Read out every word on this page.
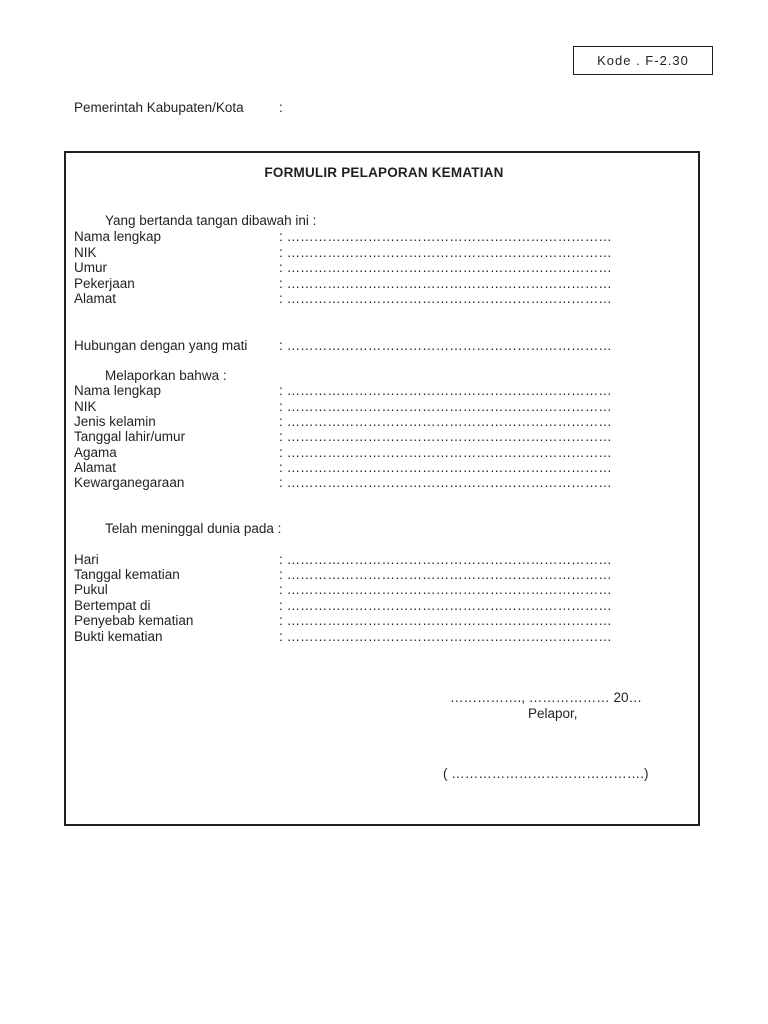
Kode . F-2.30
Pemerintah Kabupaten/Kota	:
FORMULIR PELAPORAN KEMATIAN
Yang bertanda tangan dibawah ini :
Nama lengkap	: ………………………………………………………………
NIK	: ………………………………………………………………
Umur	: ………………………………………………………………
Pekerjaan	: ………………………………………………………………
Alamat	: ………………………………………………………………
Hubungan dengan yang mati : ………………………………………………………………
Melaporkan bahwa :
Nama lengkap	: ………………………………………………………………
NIK	: ………………………………………………………………
Jenis kelamin	: ………………………………………………………………
Tanggal lahir/umur	: ………………………………………………………………
Agama	: ………………………………………………………………
Alamat	: ………………………………………………………………
Kewarganegaraan	: ………………………………………………………………
Telah meninggal dunia pada :
Hari	: ………………………………………………………………
Tanggal kematian	: ………………………………………………………………
Pukul	: ………………………………………………………………
Bertempat di	: ………………………………………………………………
Penyebab kematian	: ………………………………………………………………
Bukti kematian	: ………………………………………………………………
……………., ……………… 20…
Pelapor,
( …………………………………….)
